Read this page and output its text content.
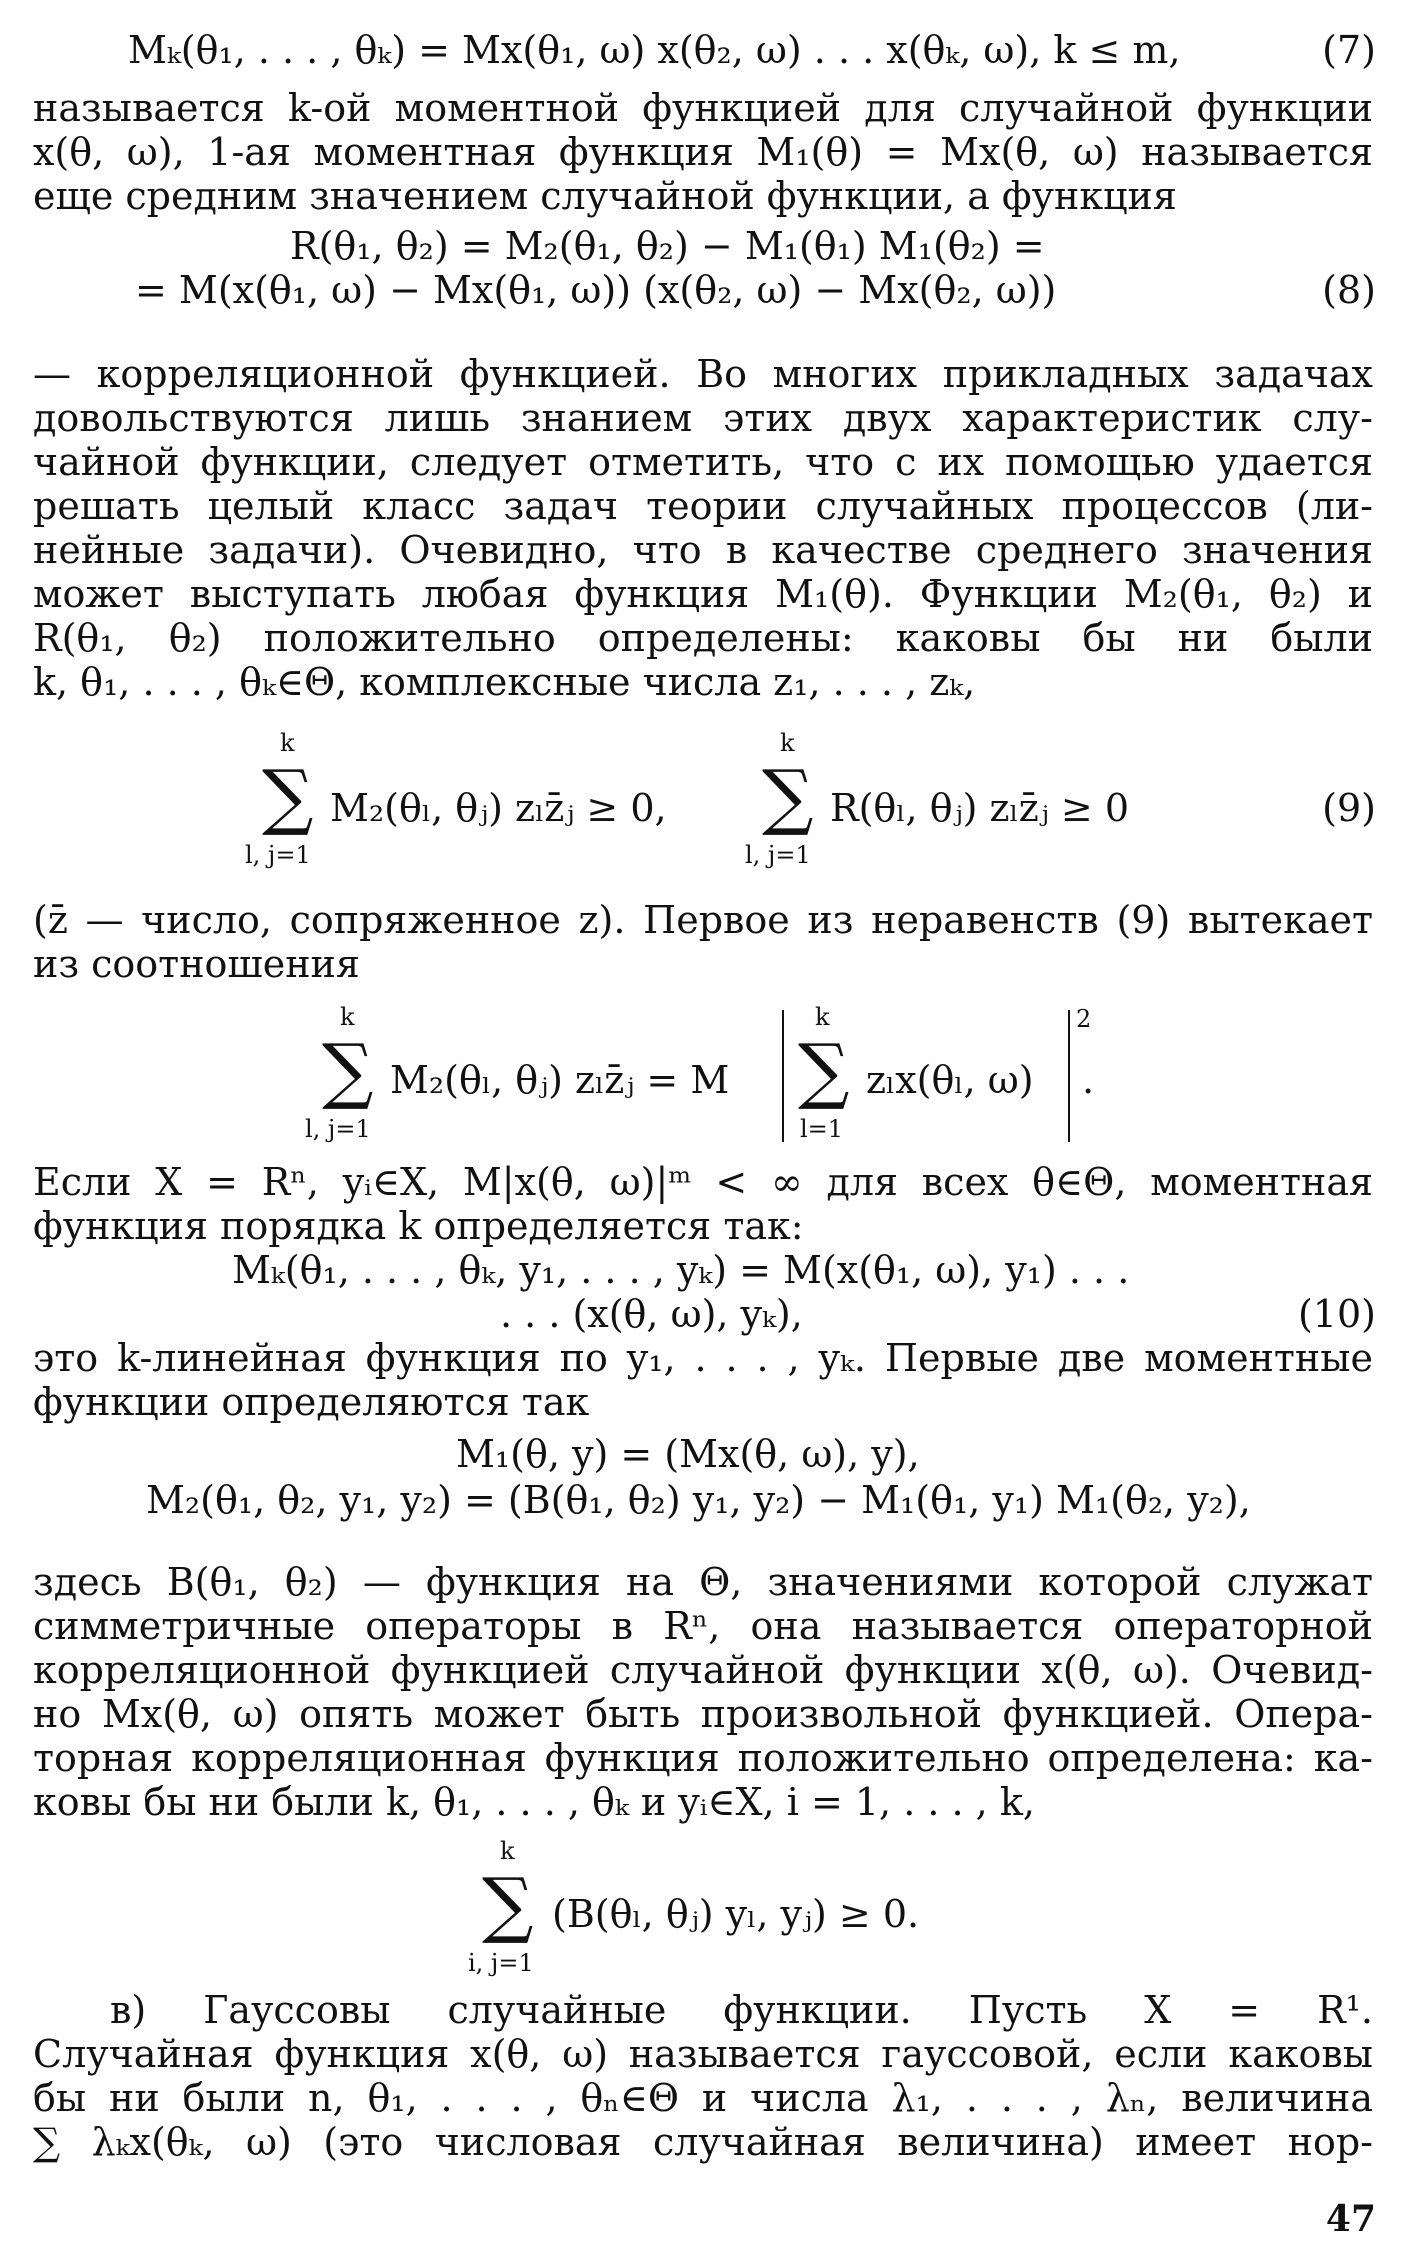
Mₖ(θ₁, . . . , θₖ) = Mx(θ₁, ω) x(θ₂, ω) . . . x(θₖ, ω), k ≤ m,	(7)
называется k-ой моментной функцией для случайной функции
x(θ, ω), 1-ая моментная функция M₁(θ) = Mx(θ, ω) называется
еще средним значением случайной функции, а функция
R(θ₁, θ₂) = M₂(θ₁, θ₂) − M₁(θ₁) M₁(θ₂) =
= M(x(θ₁, ω) − Mx(θ₁, ω)) (x(θ₂, ω) − Mx(θ₂, ω))	(8)
— корреляционной функцией. Во многих прикладных задачах
довольствуются лишь знанием этих двух характеристик слу-
чайной функции, следует отметить, что с их помощью удается
решать целый класс задач теории случайных процессов (ли-
нейные задачи). Очевидно, что в качестве среднего значения
может выступать любая функция M₁(θ). Функции M₂(θ₁, θ₂) и
R(θ₁, θ₂) положительно определены: каковы бы ни были
k, θ₁, . . . , θₖ∈Θ, комплексные числа z₁, . . . , zₖ,
k
∑
l, j=1
M₂(θₗ, θⱼ) zₗz̄ⱼ ≥ 0,
k
∑
l, j=1
R(θₗ, θⱼ) zₗz̄ⱼ ≥ 0	(9)
(z̄ — число, сопряженное z). Первое из неравенств (9) вытекает
из соотношения
k
∑
l, j=1
M₂(θₗ, θⱼ) zₗz̄ⱼ = M
k
∑
l=1
zₗx(θₗ, ω)
2
.
Если X = Rⁿ, yᵢ∈X, M|x(θ, ω)|ᵐ < ∞ для всех θ∈Θ, моментная
функция порядка k определяется так:
Mₖ(θ₁, . . . , θₖ, y₁, . . . , yₖ) = M(x(θ₁, ω), y₁) . . .
. . . (x(θ, ω), yₖ),	(10)
это k-линейная функция по y₁, . . . , yₖ. Первые две моментные
функции определяются так
M₁(θ, y) = (Mx(θ, ω), y),
M₂(θ₁, θ₂, y₁, y₂) = (B(θ₁, θ₂) y₁, y₂) − M₁(θ₁, y₁) M₁(θ₂, y₂),
здесь B(θ₁, θ₂) — функция на Θ, значениями которой служат
симметричные операторы в Rⁿ, она называется операторной
корреляционной функцией случайной функции x(θ, ω). Очевид-
но Mx(θ, ω) опять может быть произвольной функцией. Опера-
торная корреляционная функция положительно определена: ка-
ковы бы ни были k, θ₁, . . . , θₖ и yᵢ∈X, i = 1, . . . , k,
k
∑
i, j=1
(B(θₗ, θⱼ) yₗ, yⱼ) ≥ 0.
в) Гауссовы случайные функции. Пусть X = R¹.
Случайная функция x(θ, ω) называется гауссовой, если каковы
бы ни были n, θ₁, . . . , θₙ∈Θ и числа λ₁, . . . , λₙ, величина
∑ λₖx(θₖ, ω) (это числовая случайная величина) имеет нор-
47
